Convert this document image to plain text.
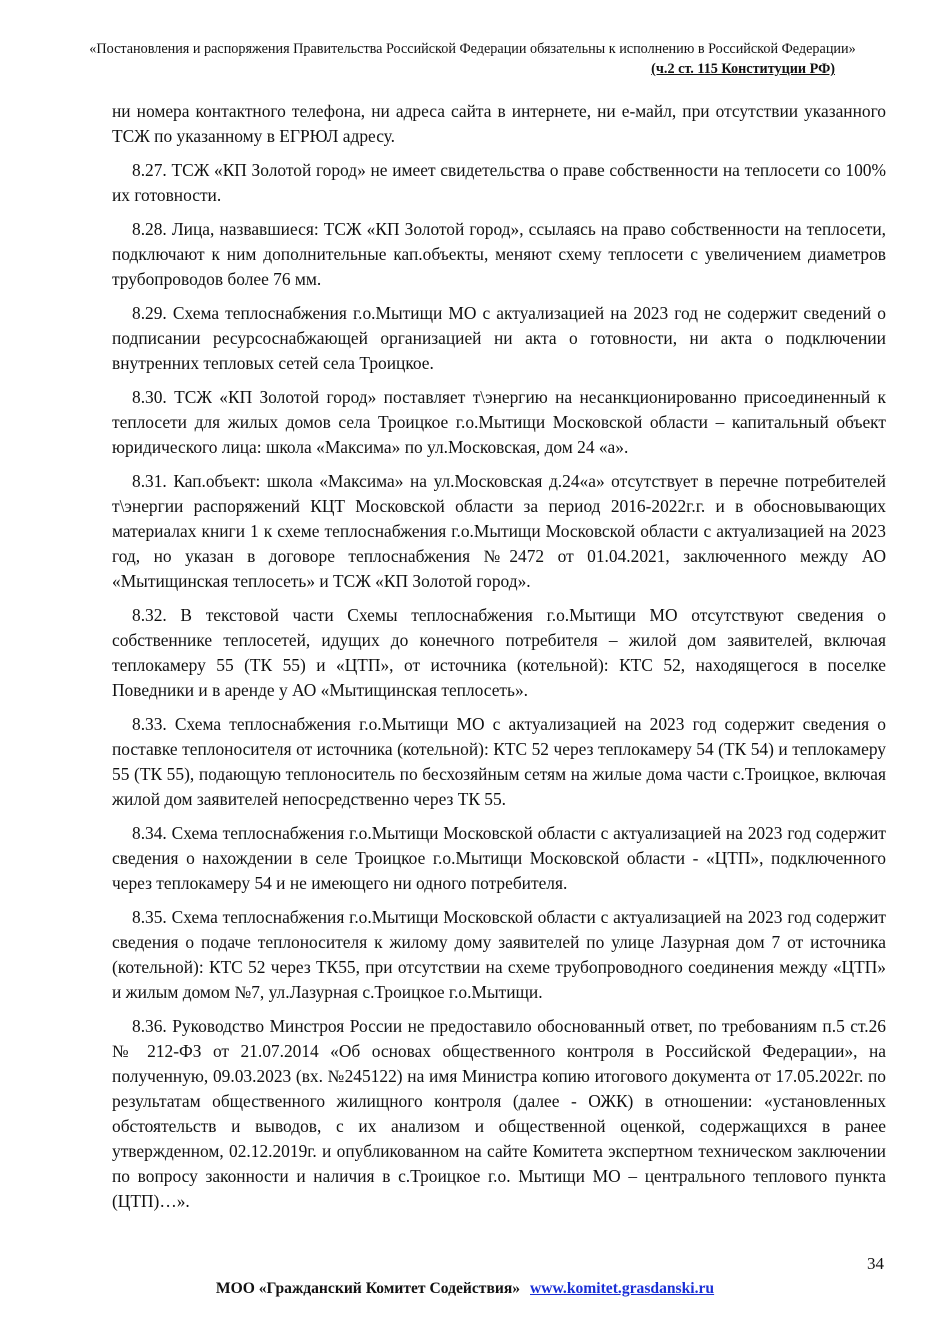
«Постановления и распоряжения Правительства Российской Федерации обязательны к исполнению в Российской Федерации»
(ч.2 ст. 115 Конституции РФ)

ни номера контактного телефона, ни адреса сайта в интернете, ни е-майл, при отсутствии указанного ТСЖ по указанному в ЕГРЮЛ адресу.

8.27. ТСЖ «КП Золотой город» не имеет свидетельства о праве собственности на теплосети со 100% их готовности.

8.28. Лица, назвавшиеся: ТСЖ «КП Золотой город», ссылаясь на право собственности на теплосети, подключают к ним дополнительные кап.объекты, меняют схему теплосети с увеличением диаметров трубопроводов более 76 мм.

8.29. Схема теплоснабжения г.о.Мытищи МО с актуализацией на 2023 год не содержит сведений о подписании ресурсоснабжающей организацией ни акта о готовности, ни акта о подключении внутренних тепловых сетей села Троицкое.

8.30. ТСЖ «КП Золотой город» поставляет т\энергию на несанкционированно присоединенный к теплосети для жилых домов села Троицкое г.о.Мытищи Московской области – капитальный объект юридического лица: школа «Максима» по ул.Московская, дом 24 «а».

8.31. Кап.объект: школа «Максима» на ул.Московская д.24«а» отсутствует в перечне потребителей т\энергии распоряжений КЦТ Московской области за период 2016-2022г.г. и в обосновывающих материалах книги 1 к схеме теплоснабжения г.о.Мытищи Московской области с актуализацией на 2023 год, но указан в договоре теплоснабжения №2472 от 01.04.2021, заключенного между АО «Мытищинская теплосеть» и ТСЖ «КП Золотой город».

8.32. В текстовой части Схемы теплоснабжения г.о.Мытищи МО отсутствуют сведения о собственнике теплосетей, идущих до конечного потребителя – жилой дом заявителей, включая теплокамеру 55 (ТК 55) и «ЦТП», от источника (котельной): КТС 52, находящегося в поселке Поведники и в аренде у АО «Мытищинская теплосеть».

8.33. Схема теплоснабжения г.о.Мытищи МО с актуализацией на 2023 год содержит сведения о поставке теплоносителя от источника (котельной): КТС 52 через теплокамеру 54 (ТК 54) и теплокамеру 55 (ТК 55), подающую теплоноситель по бесхозяйным сетям на жилые дома части с.Троицкое, включая жилой дом заявителей непосредственно через ТК 55.

8.34. Схема теплоснабжения г.о.Мытищи Московской области с актуализацией на 2023 год содержит сведения о нахождении в селе Троицкое г.о.Мытищи Московской области - «ЦТП», подключенного через теплокамеру 54 и не имеющего ни одного потребителя.

8.35. Схема теплоснабжения г.о.Мытищи Московской области с актуализацией на 2023 год содержит сведения о подаче теплоносителя к жилому дому заявителей по улице Лазурная дом 7 от источника (котельной): КТС 52 через ТК55, при отсутствии на схеме трубопроводного соединения между «ЦТП» и жилым домом №7, ул.Лазурная с.Троицкое г.о.Мытищи.

8.36. Руководство Минстроя России не предоставило обоснованный ответ, по требованиям п.5 ст.26 № 212-ФЗ от 21.07.2014 «Об основах общественного контроля в Российской Федерации», на полученную, 09.03.2023 (вх. №245122) на имя Министра копию итогового документа от 17.05.2022г. по результатам общественного жилищного контроля (далее - ОЖК) в отношении: «установленных обстоятельств и выводов, с их анализом и общественной оценкой, содержащихся в ранее утвержденном, 02.12.2019г. и опубликованном на сайте Комитета экспертном техническом заключении по вопросу законности и наличия в с.Троицкое г.о. Мытищи МО – центрального теплового пункта (ЦТП)…».

34
МОО «Гражданский Комитет Содействия» www.komitet.grasdanski.ru
